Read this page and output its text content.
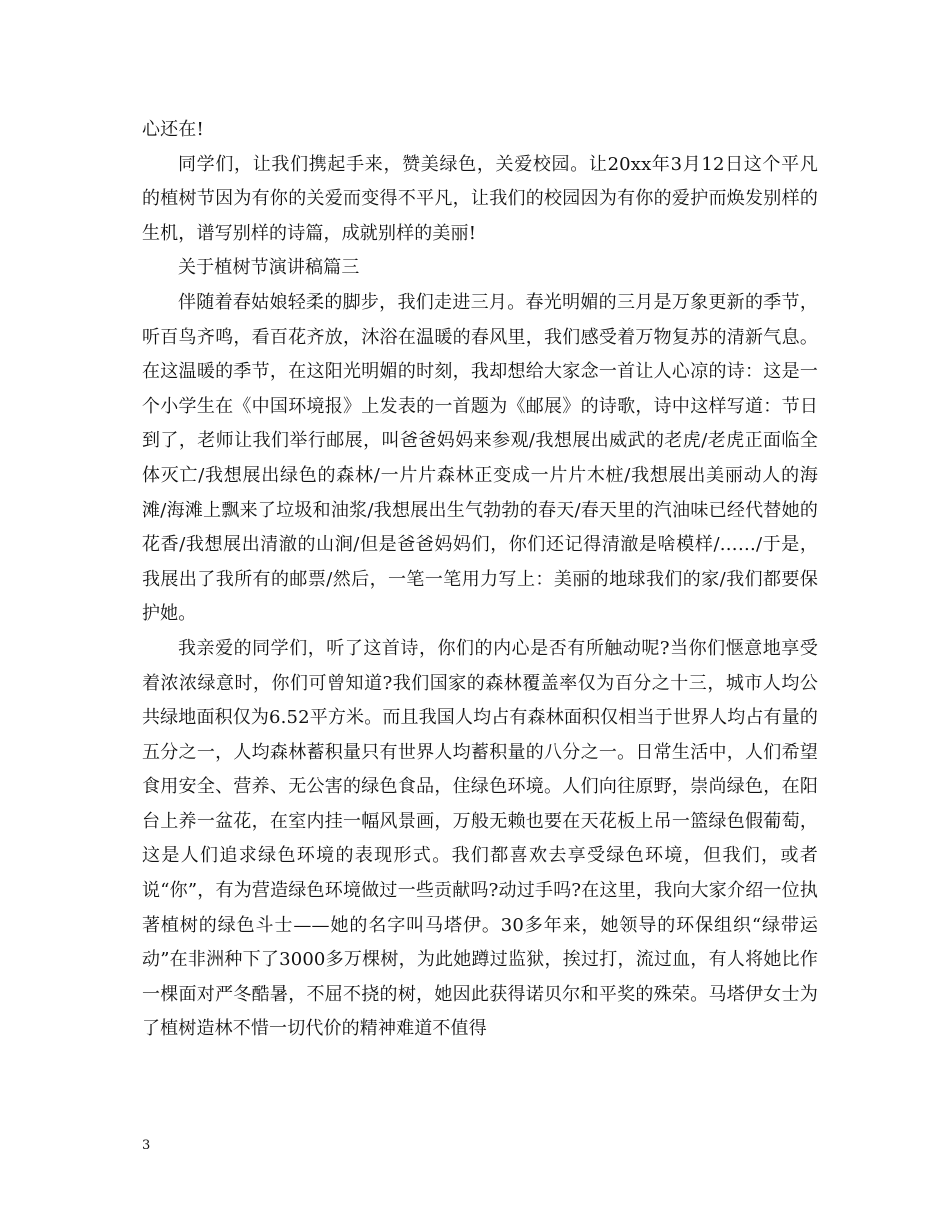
心还在!

同学们，让我们携起手来，赞美绿色，关爱校园。让20xx年3月12日这个平凡的植树节因为有你的关爱而变得不平凡，让我们的校园因为有你的爱护而焕发别样的生机，谱写别样的诗篇，成就别样的美丽!

关于植树节演讲稿篇三

伴随着春姑娘轻柔的脚步，我们走进三月。春光明媚的三月是万象更新的季节，听百鸟齐鸣，看百花齐放，沐浴在温暖的春风里，我们感受着万物复苏的清新气息。在这温暖的季节，在这阳光明媚的时刻，我却想给大家念一首让人心凉的诗：这是一个小学生在《中国环境报》上发表的一首题为《邮展》的诗歌，诗中这样写道：节日到了，老师让我们举行邮展，叫爸爸妈妈来参观/我想展出威武的老虎/老虎正面临全体灭亡/我想展出绿色的森林/一片片森林正变成一片片木桩/我想展出美丽动人的海滩/海滩上飘来了垃圾和油浆/我想展出生气勃勃的春天/春天里的汽油味已经代替她的花香/我想展出清澈的山涧/但是爸爸妈妈们，你们还记得清澈是啥模样/……/于是，我展出了我所有的邮票/然后，一笔一笔用力写上：美丽的地球我们的家/我们都要保护她。

我亲爱的同学们，听了这首诗，你们的内心是否有所触动呢?当你们惬意地享受着浓浓绿意时，你们可曾知道?我们国家的森林覆盖率仅为百分之十三，城市人均公共绿地面积仅为6.52平方米。而且我国人均占有森林面积仅相当于世界人均占有量的五分之一，人均森林蓄积量只有世界人均蓄积量的八分之一。日常生活中，人们希望食用安全、营养、无公害的绿色食品，住绿色环境。人们向往原野，崇尚绿色，在阳台上养一盆花，在室内挂一幅风景画，万般无赖也要在天花板上吊一篮绿色假葡萄，这是人们追求绿色环境的表现形式。我们都喜欢去享受绿色环境，但我们，或者说“你”，有为营造绿色环境做过一些贡献吗?动过手吗?在这里，我向大家介绍一位执著植树的绿色斗士——她的名字叫马塔伊。30多年来，她领导的环保组织“绿带运动”在非洲种下了3000多万棵树，为此她蹲过监狱，挨过打，流过血，有人将她比作一棵面对严冬酷暑，不屈不挠的树，她因此获得诺贝尔和平奖的殊荣。马塔伊女士为了植树造林不惜一切代价的精神难道不值得

3
